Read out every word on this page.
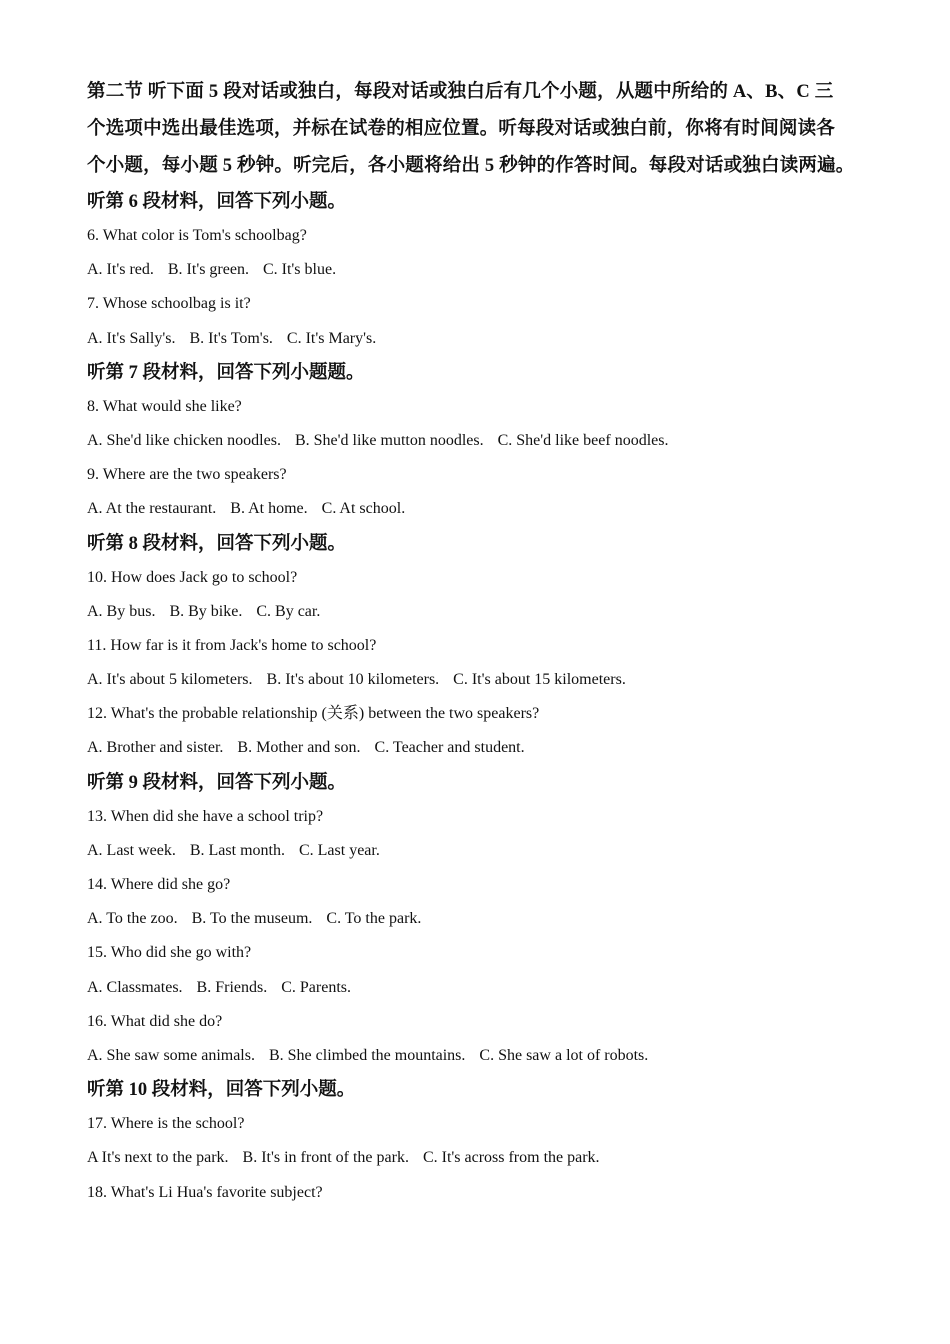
第二节 听下面 5 段对话或独白，每段对话或独白后有几个小题，从题中所给的 A、B、C 三
个选项中选出最佳选项，并标在试卷的相应位置。听每段对话或独白前，你将有时间阅读各
个小题，每小题 5 秒钟。听完后，各小题将给出 5 秒钟的作答时间。每段对话或独白读两遍。

听第 6 段材料，回答下列小题。

6. What color is Tom's schoolbag?

A. It's red. B. It's green. C. It's blue.

7. Whose schoolbag is it?

A. It's Sally's. B. It's Tom's. C. It's Mary's.

听第 7 段材料，回答下列小题题。

8. What would she like?

A. She'd like chicken noodles. B. She'd like mutton noodles. C. She'd like beef noodles.

9. Where are the two speakers?

A. At the restaurant. B. At home. C. At school.

听第 8 段材料，回答下列小题。

10. How does Jack go to school?

A. By bus. B. By bike. C. By car.

11. How far is it from Jack's home to school?

A. It's about 5 kilometers. B. It's about 10 kilometers. C. It's about 15 kilometers.

12. What's the probable relationship (关系) between the two speakers?

A. Brother and sister. B. Mother and son. C. Teacher and student.

听第 9 段材料，回答下列小题。

13. When did she have a school trip?

A. Last week. B. Last month. C. Last year.

14. Where did she go?

A. To the zoo. B. To the museum. C. To the park.

15. Who did she go with?

A. Classmates. B. Friends. C. Parents.

16. What did she do?

A. She saw some animals. B. She climbed the mountains. C. She saw a lot of robots.

听第 10 段材料，回答下列小题。

17. Where is the school?

A It's next to the park. B. It's in front of the park. C. It's across from the park.

18. What's Li Hua's favorite subject?
